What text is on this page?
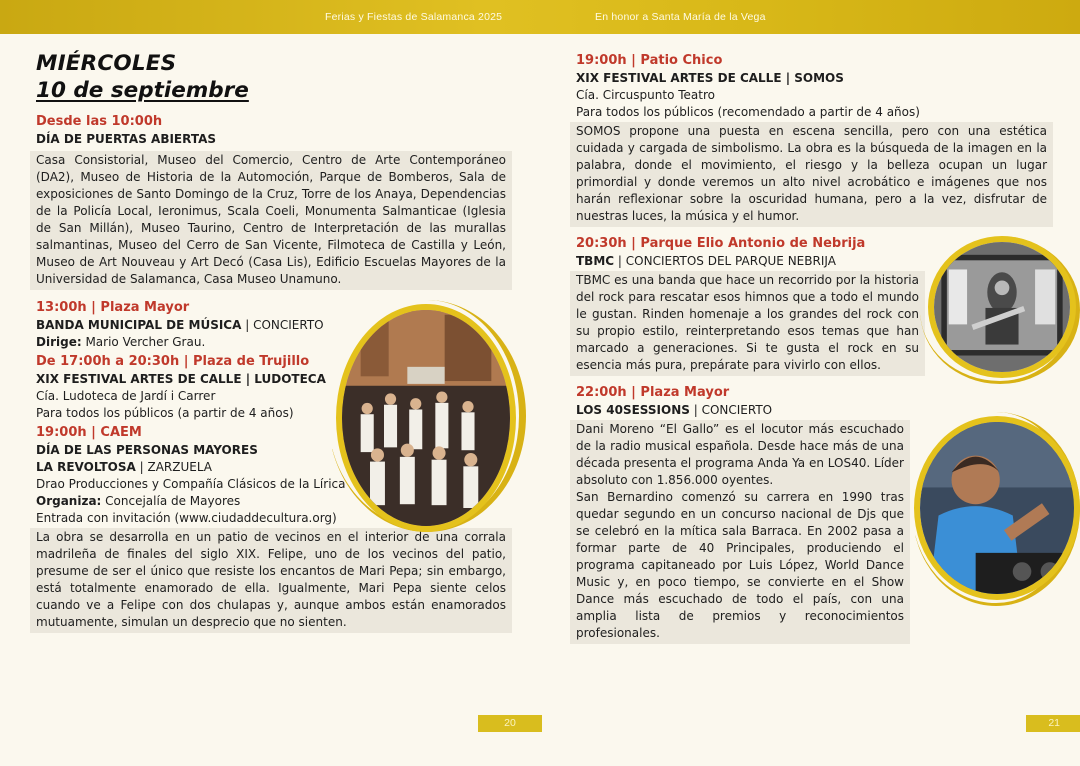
Ferias y Fiestas de Salamanca 2025	En honor a Santa María de la Vega
MIÉRCOLES
10 de septiembre
Desde las 10:00h
DÍA DE PUERTAS ABIERTAS
Casa Consistorial, Museo del Comercio, Centro de Arte Contemporáneo (DA2), Museo de Historia de la Automoción, Parque de Bomberos, Sala de exposiciones de Santo Domingo de la Cruz, Torre de los Anaya, Dependencias de la Policía Local, Ieronimus, Scala Coeli, Monumenta Salmanticae (Iglesia de San Millán), Museo Taurino, Centro de Interpretación de las murallas salmantinas, Museo del Cerro de San Vicente, Filmoteca de Castilla y León, Museo de Art Nouveau y Art Decó (Casa Lis), Edificio Escuelas Mayores de la Universidad de Salamanca, Casa Museo Unamuno.
13:00h | Plaza Mayor
BANDA MUNICIPAL DE MÚSICA | CONCIERTO
Dirige: Mario Vercher Grau.
De 17:00h a 20:30h | Plaza de Trujillo
XIX FESTIVAL ARTES DE CALLE | LUDOTECA
Cía. Ludoteca de Jardí i Carrer
Para todos los públicos (a partir de 4 años)
19:00h | CAEM
DÍA DE LAS PERSONAS MAYORES
LA REVOLTOSA | ZARZUELA
Drao Producciones y Compañía Clásicos de la Lírica
Organiza: Concejalía de Mayores
Entrada con invitación (www.ciudaddecultura.org)
La obra se desarrolla en un patio de vecinos en el interior de una corrala madrileña de finales del siglo XIX. Felipe, uno de los vecinos del patio, presume de ser el único que resiste los encantos de Mari Pepa; sin embargo, está totalmente enamorado de ella. Igualmente, Mari Pepa siente celos cuando ve a Felipe con dos chulapas y, aunque ambos están enamorados mutuamente, simulan un desprecio que no sienten.
19:00h | Patio Chico
XIX FESTIVAL ARTES DE CALLE | SOMOS
Cía. Circuspunto Teatro
Para todos los públicos (recomendado a partir de 4 años)
SOMOS propone una puesta en escena sencilla, pero con una estética cuidada y cargada de simbolismo. La obra es la búsqueda de la imagen en la palabra, donde el movimiento, el riesgo y la belleza ocupan un lugar primordial y donde veremos un alto nivel acrobático e imágenes que nos harán reflexionar sobre la oscuridad humana, pero a la vez, disfrutar de nuestras luces, la música y el humor.
20:30h | Parque Elio Antonio de Nebrija
TBMC | CONCIERTOS DEL PARQUE NEBRIJA
TBMC es una banda que hace un recorrido por la historia del rock para rescatar esos himnos que a todo el mundo le gustan. Rinden homenaje a los grandes del rock con su propio estilo, reinterpretando esos temas que han marcado a generaciones. Si te gusta el rock en su esencia más pura, prepárate para vivirlo con ellos.
22:00h | Plaza Mayor
LOS 40SESSIONS | CONCIERTO
Dani Moreno “El Gallo” es el locutor más escuchado de la radio musical española. Desde hace más de una década presenta el programa Anda Ya en LOS40. Líder absoluto con 1.856.000 oyentes.
San Bernardino comenzó su carrera en 1990 tras quedar segundo en un concurso nacional de Djs que se celebró en la mítica sala Barraca. En 2002 pasa a formar parte de 40 Principales, produciendo el programa capitaneado por Luis López, World Dance Music y, en poco tiempo, se convierte en el Show Dance más escuchado de todo el país, con una amplia lista de premios y reconocimientos profesionales.
20	21
